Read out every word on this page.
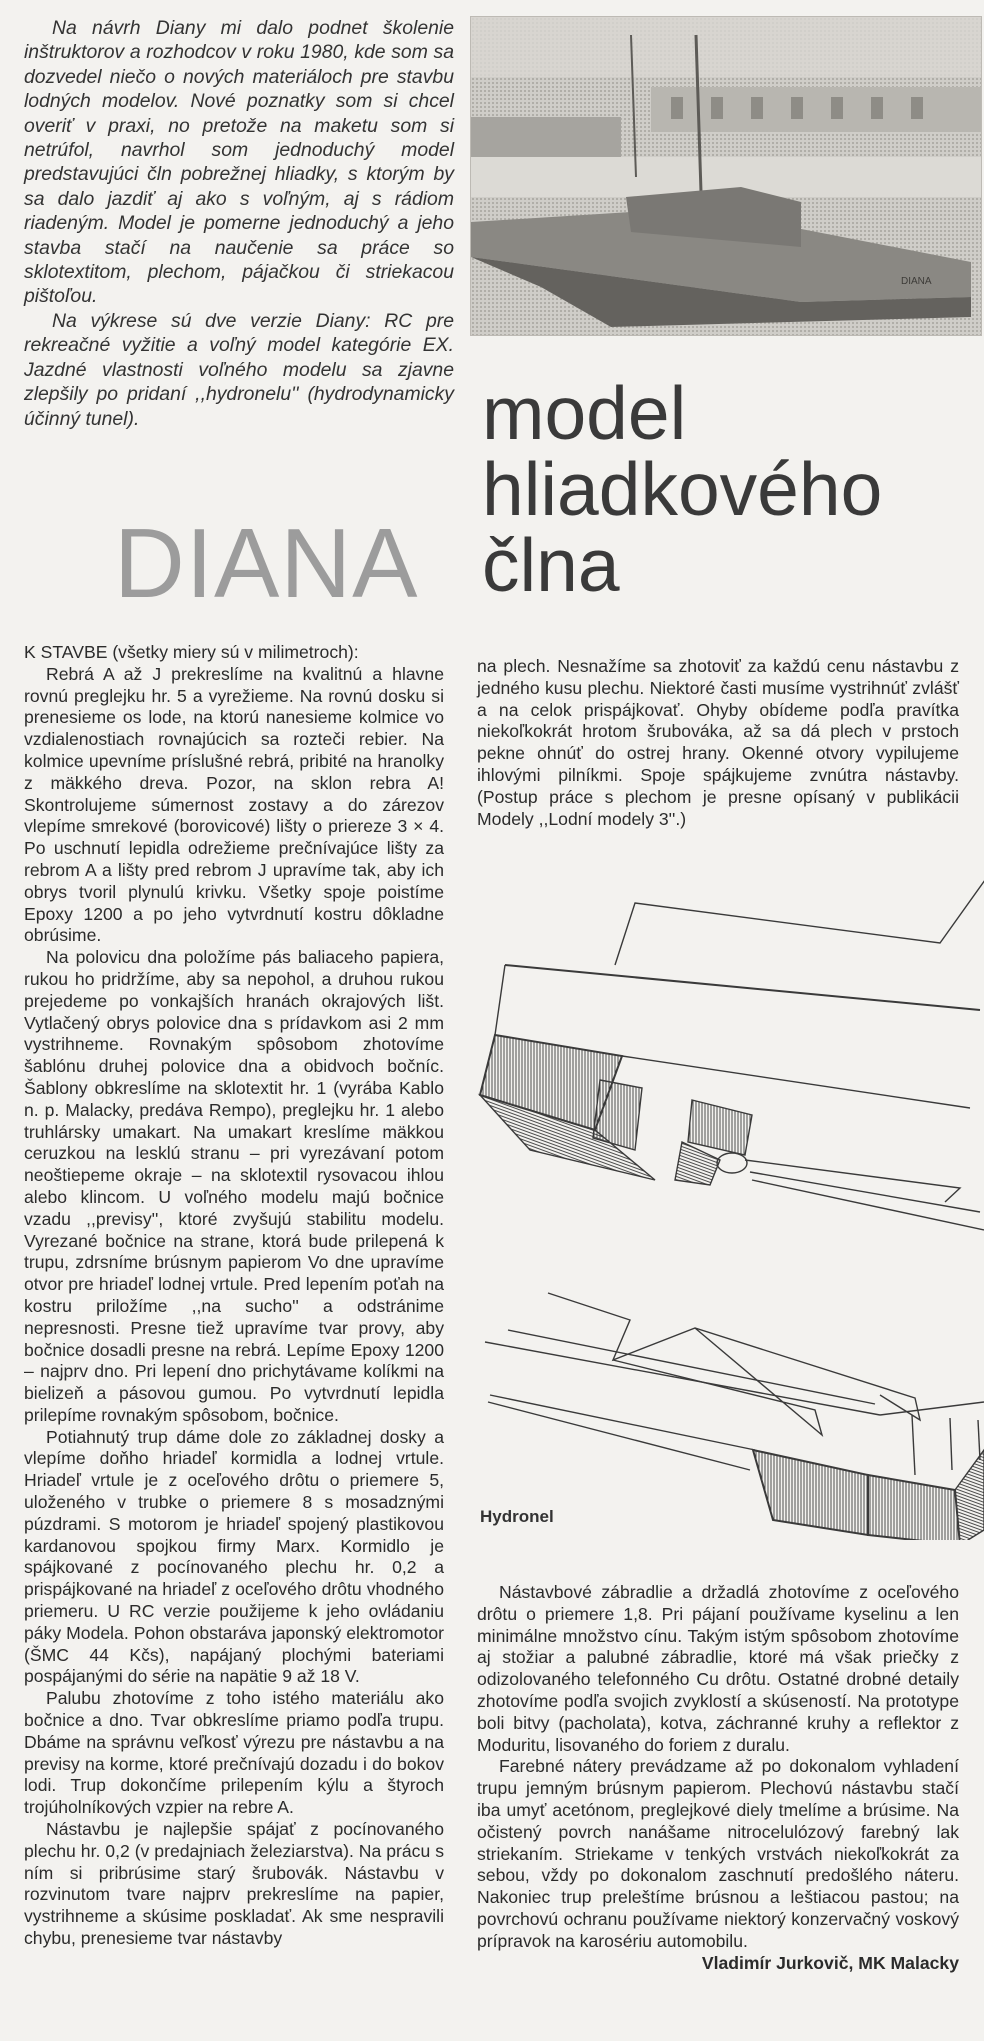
Na návrh Diany mi dalo podnet školenie inštruktorov a rozhodcov v roku 1980, kde som sa dozvedel niečo o nových materiáloch pre stavbu lodných modelov. Nové poznatky som si chcel overiť v praxi, no pretože na maketu som si netrúfol, navrhol som jednoduchý model predstavujúci čln pobrežnej hliadky, s ktorým by sa dalo jazdiť aj ako s voľným, aj s rádiom riadeným. Model je pomerne jednoduchý a jeho stavba stačí na naučenie sa práce so sklotextitom, plechom, pájačkou či striekacou pištoľou.

Na výkrese sú dve verzie Diany: RC pre rekreačné vyžitie a voľný model kategórie EX. Jazdné vlastnosti voľného modelu sa zjavne zlepšily po pridaní ,,hydronelu'' (hydrodynamicky účinný tunel).

DIANA
DIANA
model
hliadkového
člna

K STAVBE (všetky miery sú v milimetroch):

Rebrá A až J prekreslíme na kvalitnú a hlavne rovnú preglejku hr. 5 a vyrežieme. Na rovnú dosku si prenesieme os lode, na ktorú nanesieme kolmice vo vzdialenostiach rovnajúcich sa rozteči rebier. Na kolmice upevníme príslušné rebrá, pribité na hranolky z mäkkého dreva. Pozor, na sklon rebra A! Skontrolujeme súmernost zostavy a do zárezov vlepíme smrekové (borovicové) lišty o priereze 3 × 4. Po uschnutí lepidla odrežieme prečnívajúce lišty za rebrom A a lišty pred rebrom J upravíme tak, aby ich obrys tvoril plynulú krivku. Všetky spoje poistíme Epoxy 1200 a po jeho vytvrdnutí kostru dôkladne obrúsime.

Na polovicu dna položíme pás baliaceho papiera, rukou ho pridržíme, aby sa nepohol, a druhou rukou prejedeme po vonkajších hranách okrajových lišt. Vytlačený obrys polovice dna s prídavkom asi 2 mm vystrihneme. Rovnakým spôsobom zhotovíme šablónu druhej polovice dna a obidvoch bočníc. Šablony obkreslíme na sklotextit hr. 1 (vyrába Kablo n. p. Malacky, predáva Rempo), preglejku hr. 1 alebo truhlársky umakart. Na umakart kreslíme mäkkou ceruzkou na lesklú stranu – pri vyrezávaní potom neoštiepeme okraje – na sklotextil rysovacou ihlou alebo klincom. U voľného modelu majú bočnice vzadu ,,previsy'', ktoré zvyšujú stabilitu modelu. Vyrezané bočnice na strane, ktorá bude prilepená k trupu, zdrsníme brúsnym papierom Vo dne upravíme otvor pre hriadeľ lodnej vrtule. Pred lepením poťah na kostru priložíme ,,na sucho'' a odstránime nepresnosti. Presne tiež upravíme tvar provy, aby bočnice dosadli presne na rebrá. Lepíme Epoxy 1200 – najprv dno. Pri lepení dno prichytávame kolíkmi na bielizeň a pásovou gumou. Po vytvrdnutí lepidla prilepíme rovnakým spôsobom, bočnice.

Potiahnutý trup dáme dole zo základnej dosky a vlepíme doňho hriadeľ kormidla a lodnej vrtule. Hriadeľ vrtule je z oceľového drôtu o priemere 5, uloženého v trubke o priemere 8 s mosadznými púzdrami. S motorom je hriadeľ spojený plastikovou kardanovou spojkou firmy Marx. Kormidlo je spájkované z pocínovaného plechu hr. 0,2 a prispájkované na hriadeľ z oceľového drôtu vhodného priemeru. U RC verzie použijeme k jeho ovládaniu páky Modela. Pohon obstaráva japonský elektromotor (ŠMC 44 Kčs), napájaný plochými bateriami pospájanými do série na napätie 9 až 18 V.

Palubu zhotovíme z toho istého materiálu ako bočnice a dno. Tvar obkreslíme priamo podľa trupu. Dbáme na správnu veľkosť výrezu pre nástavbu a na previsy na korme, ktoré prečnívajú dozadu i do bokov lodi. Trup dokončíme prilepením kýlu a štyroch trojúholníkových vzpier na rebre A.

Nástavbu je najlepšie spájať z pocínovaného plechu hr. 0,2 (v predajniach železiarstva). Na prácu s ním si pribrúsime starý šrubovák. Nástavbu v rozvinutom tvare najprv prekreslíme na papier, vystrihneme a skúsime poskladať. Ak sme nespravili chybu, prenesieme tvar nástavby

na plech. Nesnažíme sa zhotoviť za každú cenu nástavbu z jedného kusu plechu. Niektoré časti musíme vystrihnúť zvlášť a na celok prispájkovať. Ohyby obídeme podľa pravítka niekoľkokrát hrotom šrubováka, až sa dá plech v prstoch pekne ohnúť do ostrej hrany. Okenné otvory vypilujeme ihlovými pilníkmi. Spoje spájkujeme zvnútra nástavby. (Postup práce s plechom je presne opísaný v publikácii Modely ,,Lodní modely 3''.)

Hydronel

Nástavbové zábradlie a držadlá zhotovíme z oceľového drôtu o priemere 1,8. Pri pájaní používame kyselinu a len minimálne množstvo cínu. Takým istým spôsobom zhotovíme aj stožiar a palubné zábradlie, ktoré má však priečky z odizolovaného telefonného Cu drôtu. Ostatné drobné detaily zhotovíme podľa svojich zvyklostí a skúseností. Na prototype boli bitvy (pacholata), kotva, záchranné kruhy a reflektor z Moduritu, lisovaného do foriem z duralu.

Farebné nátery prevádzame až po dokonalom vyhladení trupu jemným brúsnym papierom. Plechovú nástavbu stačí iba umyť acetónom, preglejkové diely tmelíme a brúsime. Na očistený povrch nanášame nitrocelulózový farebný lak striekaním. Striekame v tenkých vrstvách niekoľkokrát za sebou, vždy po dokonalom zaschnutí predošlého náteru. Nakoniec trup preleštíme brúsnou a leštiacou pastou; na povrchovú ochranu používame niektorý konzervačný voskový prípravok na karosériu automobilu.
Vladimír Jurkovič, MK Malacky
